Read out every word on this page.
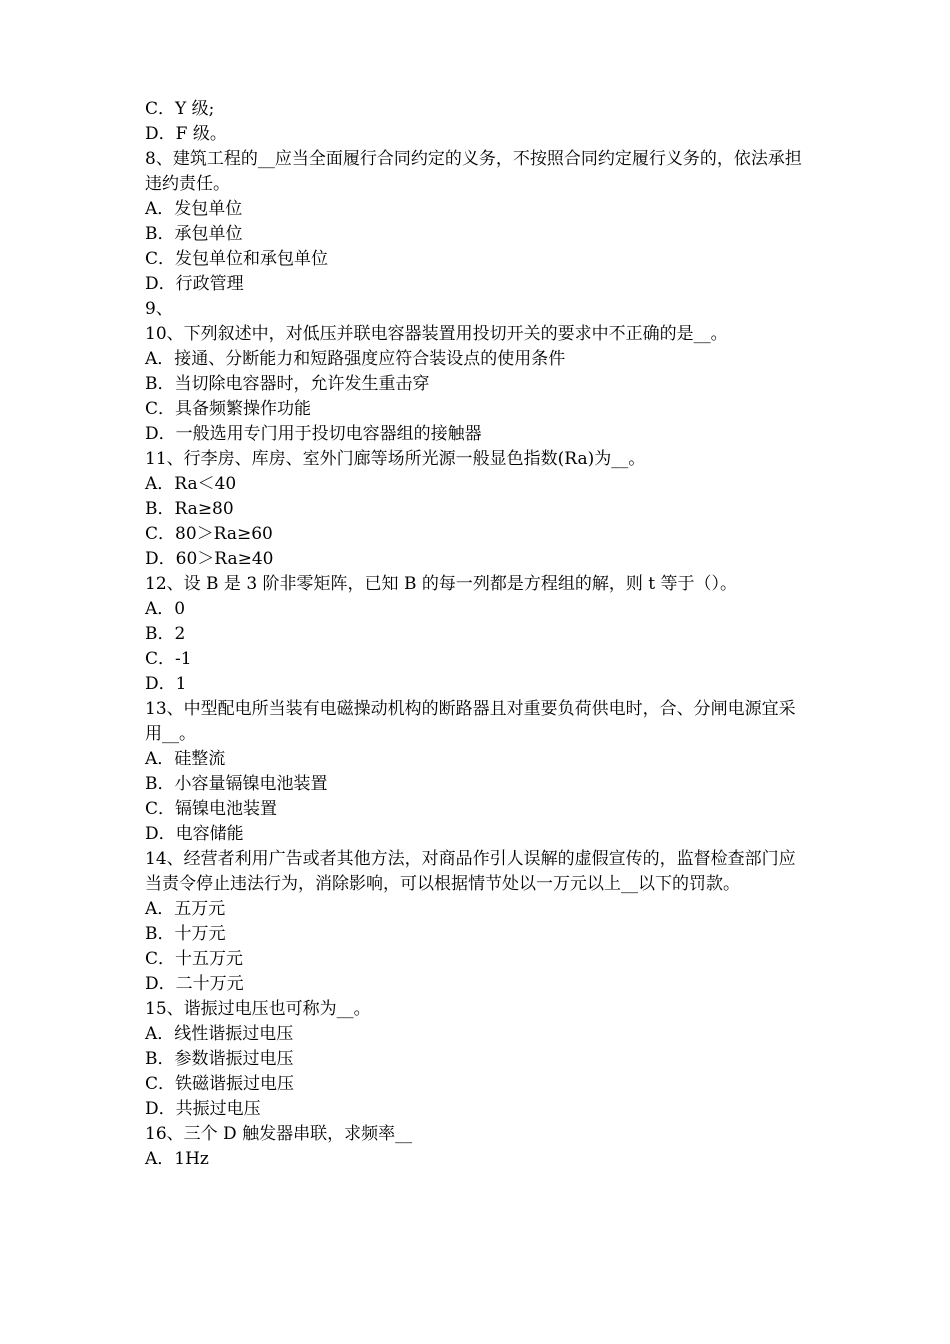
C．Y 级;
D．F 级。
8、建筑工程的__应当全面履行合同约定的义务，不按照合同约定履行义务的，依法承担违约责任。
A．发包单位
B．承包单位
C．发包单位和承包单位
D．行政管理
9、
10、下列叙述中，对低压并联电容器装置用投切开关的要求中不正确的是__。
A．接通、分断能力和短路强度应符合装设点的使用条件
B．当切除电容器时，允许发生重击穿
C．具备频繁操作功能
D．一般选用专门用于投切电容器组的接触器
11、行李房、库房、室外门廊等场所光源一般显色指数(Ra)为__。
A．Ra＜40
B．Ra≥80
C．80＞Ra≥60
D．60＞Ra≥40
12、设 B 是 3 阶非零矩阵，已知 B 的每一列都是方程组的解，则 t 等于（）。
A．0
B．2
C．-1
D．1
13、中型配电所当装有电磁操动机构的断路器且对重要负荷供电时，合、分闸电源宜采用__。
A．硅整流
B．小容量镉镍电池装置
C．镉镍电池装置
D．电容储能
14、经营者利用广告或者其他方法，对商品作引人误解的虚假宣传的，监督检查部门应当责令停止违法行为，消除影响，可以根据情节处以一万元以上__以下的罚款。
A．五万元
B．十万元
C．十五万元
D．二十万元
15、谐振过电压也可称为__。
A．线性谐振过电压
B．参数谐振过电压
C．铁磁谐振过电压
D．共振过电压
16、三个 D 触发器串联，求频率__
A．1Hz
